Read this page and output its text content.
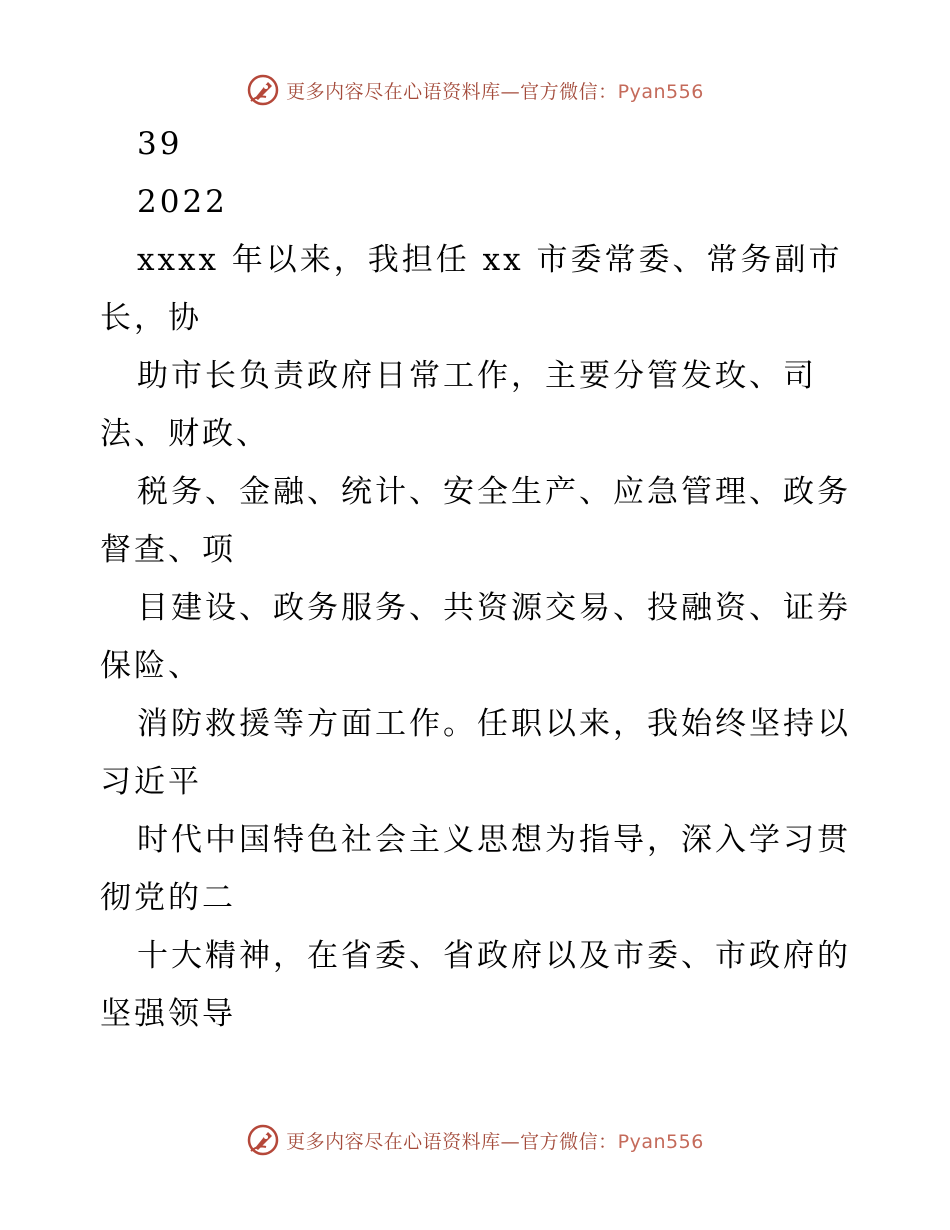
更多内容尽在心语资料库—官方微信：Pyan556
39
2022
xxxx 年以来，我担任 xx 市委常委、常务副市
长，协
助市长负责政府日常工作，主要分管发玫、司
法、财政、
税务、金融、统计、安全生产、应急管理、政务
督查、项
目建设、政务服务、共资源交易、投融资、证券
保险、
消防救援等方面工作。任职以来，我始终坚持以
习近平
时代中国特色社会主义思想为指导，深入学习贯
彻党的二
十大精神，在省委、省政府以及市委、市政府的
坚强领导
更多内容尽在心语资料库—官方微信：Pyan556
